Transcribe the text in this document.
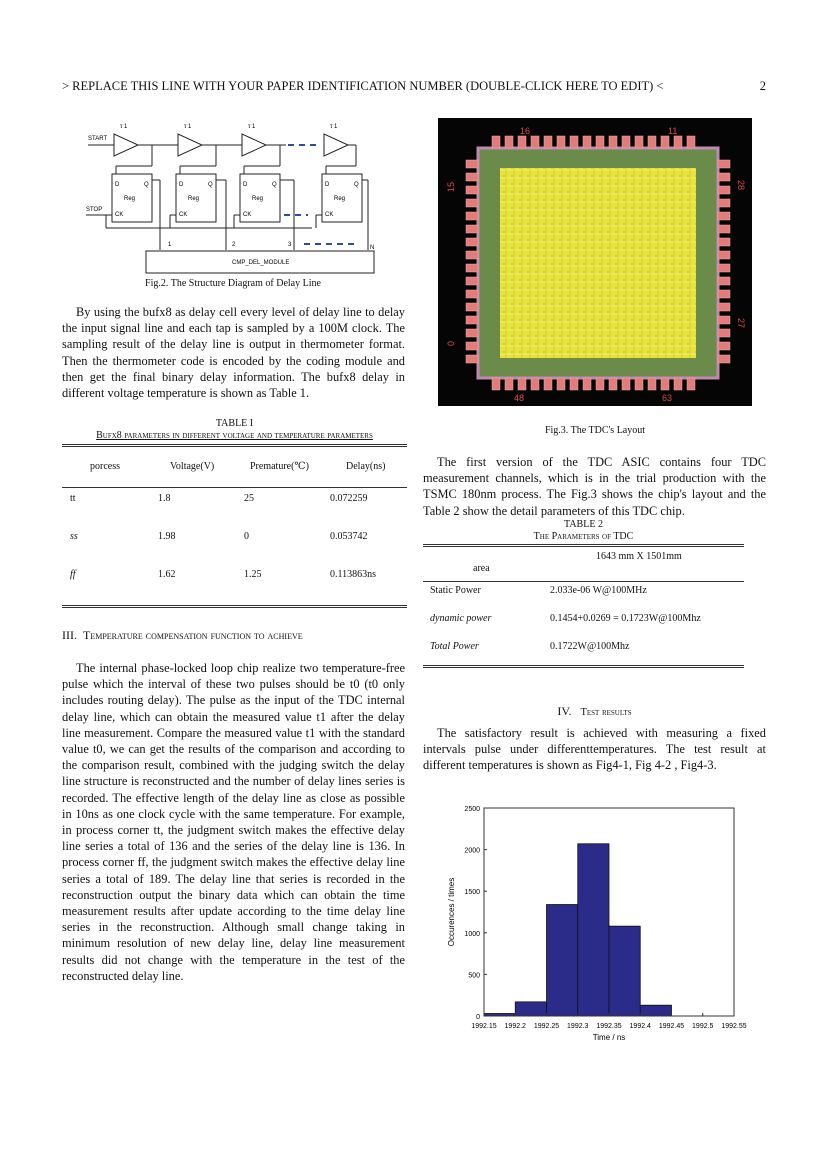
> REPLACE THIS LINE WITH YOUR PAPER IDENTIFICATION NUMBER (DOUBLE-CLICK HERE TO EDIT) <	2
START
STOP
τ 1	τ 1	τ 1	τ 1
D	Q
Reg
CK
D	Q
Reg
CK
D	Q
Reg
CK
D	Q
Reg
CK
1	2	3	N
CMP_DEL_MODULE
Fig.2. The Structure Diagram of Delay Line

By using the bufx8 as delay cell every level of delay line to delay the input signal line and each tap is sampled by a 100M clock. The sampling result of the delay line is output in thermometer format. Then the thermometer code is encoded by the coding module and then get the final binary delay information. The bufx8 delay in different voltage temperature is shown as Table 1.

TABLE I
Bufx8 parameters in different voltage and temperature parameters
porcess	Voltage(V)	Premature(℃)	Delay(ns)
tt	1.8	25	0.072259
ss	1.98	0	0.053742
ff	1.62	1.25	0.113863ns
III. Temperature compensation function to achieve

The internal phase-locked loop chip realize two temperature-free pulse which the interval of these two pulses should be t0 (t0 only includes routing delay). The pulse as the input of the TDC internal delay line, which can obtain the measured value t1 after the delay line measurement. Compare the measured value t1 with the standard value t0, we can get the results of the comparison and according to the comparison result, combined with the judging switch the delay line structure is reconstructed and the number of delay lines series is recorded. The effective length of the delay line as close as possible in 10ns as one clock cycle with the same temperature. For example, in process corner tt, the judgment switch makes the effective delay line series a total of 136 and the series of the delay line is 136. In process corner ff, the judgment switch makes the effective delay line series a total of 189. The delay line that series is recorded in the reconstruction output the binary data which can obtain the time measurement results after update according to the time delay line series in the reconstruction. Although small change taking in minimum resolution of new delay line, delay line measurement results did not change with the temperature in the test of the reconstructed delay line.

16	11
15	28
0
27
48	63
Fig.3. The TDC's Layout

The first version of the TDC ASIC contains four TDC measurement channels, which is in the trial production with the TSMC 180nm process. The Fig.3 shows the chip's layout and the Table 2 show the detail parameters of this TDC chip.

TABLE 2
The Parameters of TDC
area
1643 mm X 1501mm
Static Power	2.033e-06 W@100MHz
dynamic power	0.1454+0.0269 = 0.1723W@100Mhz
Total Power	0.1722W@100Mhz
IV. Test results

The satisfactory result is achieved with measuring a fixed intervals pulse under differenttemperatures. The test result at different temperatures is shown as Fig4-1, Fig 4-2 , Fig4-3.

1992.15 1992.2 1992.25 1992.3 1992.35 1992.4 1992.45 1992.5 1992.55
0
500
1000
1500
2000
2500
Time / ns
Occurences / times
